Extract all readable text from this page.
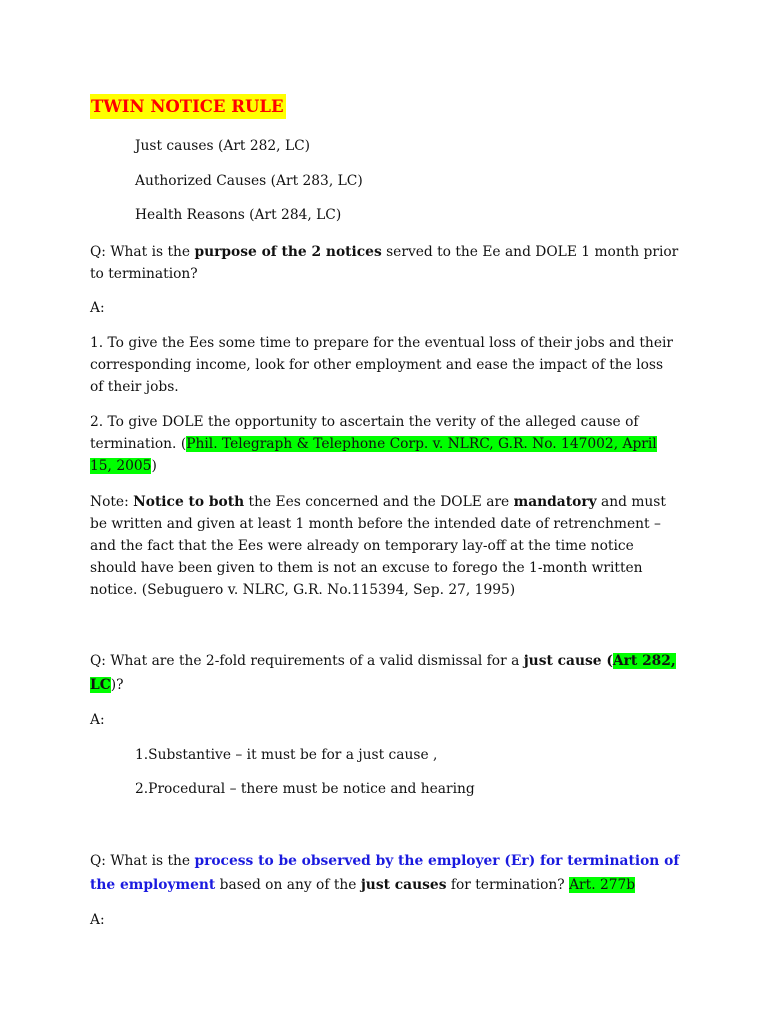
TWIN NOTICE RULE

Just causes (Art 282, LC)

Authorized Causes (Art 283, LC)

Health Reasons (Art 284, LC)

Q: What is the purpose of the 2 notices served to the Ee and DOLE 1 month prior to termination?

A:

1. To give the Ees some time to prepare for the eventual loss of their jobs and their corresponding income, look for other employment and ease the impact of the loss of their jobs.

2. To give DOLE the opportunity to ascertain the verity of the alleged cause of termination. (Phil. Telegraph & Telephone Corp. v. NLRC, G.R. No. 147002, April 15, 2005)

Note: Notice to both the Ees concerned and the DOLE are mandatory and must be written and given at least 1 month before the intended date of retrenchment – and the fact that the Ees were already on temporary lay-off at the time notice should have been given to them is not an excuse to forego the 1-month written notice. (Sebuguero v. NLRC, G.R. No.115394, Sep. 27, 1995)

Q: What are the 2-fold requirements of a valid dismissal for a just cause (Art 282, LC)?

A:

1.Substantive – it must be for a just cause ,

2.Procedural – there must be notice and hearing

Q: What is the process to be observed by the employer (Er) for termination of the employment based on any of the just causes for termination? Art. 277b

A:
